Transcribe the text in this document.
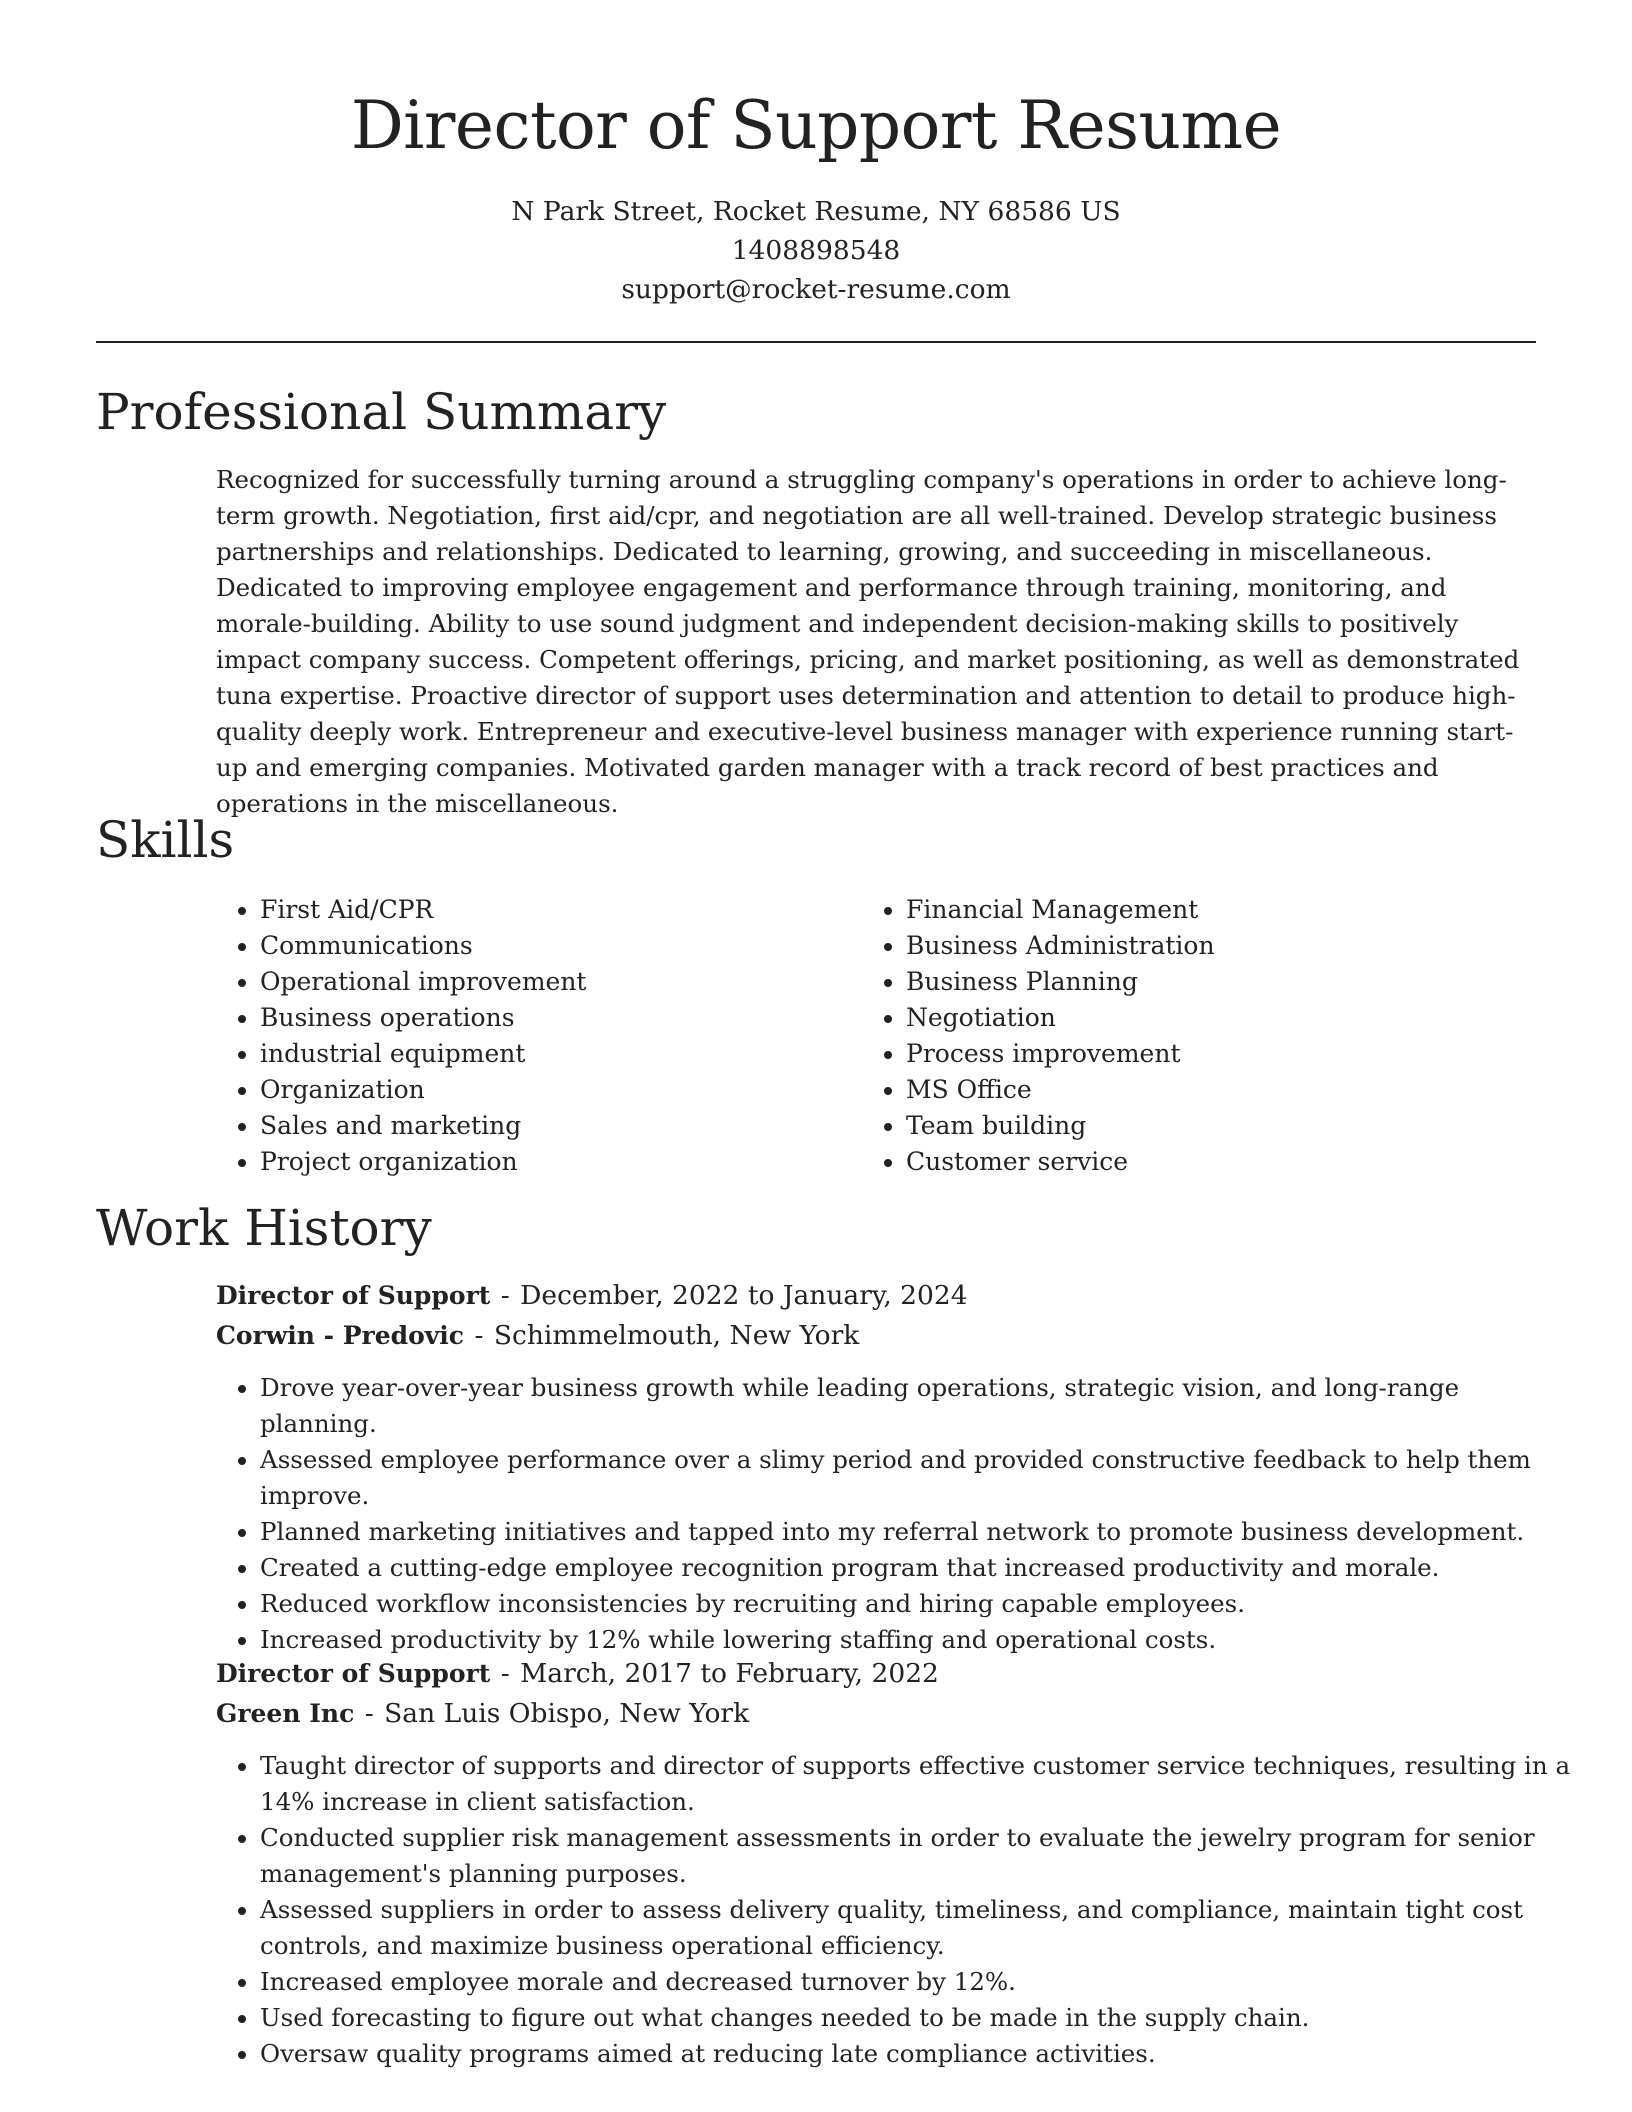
Director of Support Resume
N Park Street, Rocket Resume, NY 68586 US
1408898548
support@rocket-resume.com
Professional Summary

Recognized for successfully turning around a struggling company's operations in order to achieve long-term growth. Negotiation, first aid/cpr, and negotiation are all well-trained. Develop strategic business partnerships and relationships. Dedicated to learning, growing, and succeeding in miscellaneous. Dedicated to improving employee engagement and performance through training, monitoring, and morale-building. Ability to use sound judgment and independent decision-making skills to positively impact company success. Competent offerings, pricing, and market positioning, as well as demonstrated tuna expertise. Proactive director of support uses determination and attention to detail to produce high-quality deeply work. Entrepreneur and executive-level business manager with experience running start-up and emerging companies. Motivated garden manager with a track record of best practices and operations in the miscellaneous.

Skills
• First Aid/CPR
• Communications
• Operational improvement
• Business operations
• industrial equipment
• Organization
• Sales and marketing
• Project organization
• Financial Management
• Business Administration
• Business Planning
• Negotiation
• Process improvement
• MS Office
• Team building
• Customer service
Work History
Director of Support - December, 2022 to January, 2024
Corwin - Predovic - Schimmelmouth, New York
• Drove year-over-year business growth while leading operations, strategic vision, and long-range planning.
• Assessed employee performance over a slimy period and provided constructive feedback to help them improve.
• Planned marketing initiatives and tapped into my referral network to promote business development.
• Created a cutting-edge employee recognition program that increased productivity and morale.
• Reduced workflow inconsistencies by recruiting and hiring capable employees.
• Increased productivity by 12% while lowering staffing and operational costs.
Director of Support - March, 2017 to February, 2022
Green Inc - San Luis Obispo, New York
• Taught director of supports and director of supports effective customer service techniques, resulting in a 14% increase in client satisfaction.
• Conducted supplier risk management assessments in order to evaluate the jewelry program for senior management's planning purposes.
• Assessed suppliers in order to assess delivery quality, timeliness, and compliance, maintain tight cost controls, and maximize business operational efficiency.
• Increased employee morale and decreased turnover by 12%.
• Used forecasting to figure out what changes needed to be made in the supply chain.
• Oversaw quality programs aimed at reducing late compliance activities.
